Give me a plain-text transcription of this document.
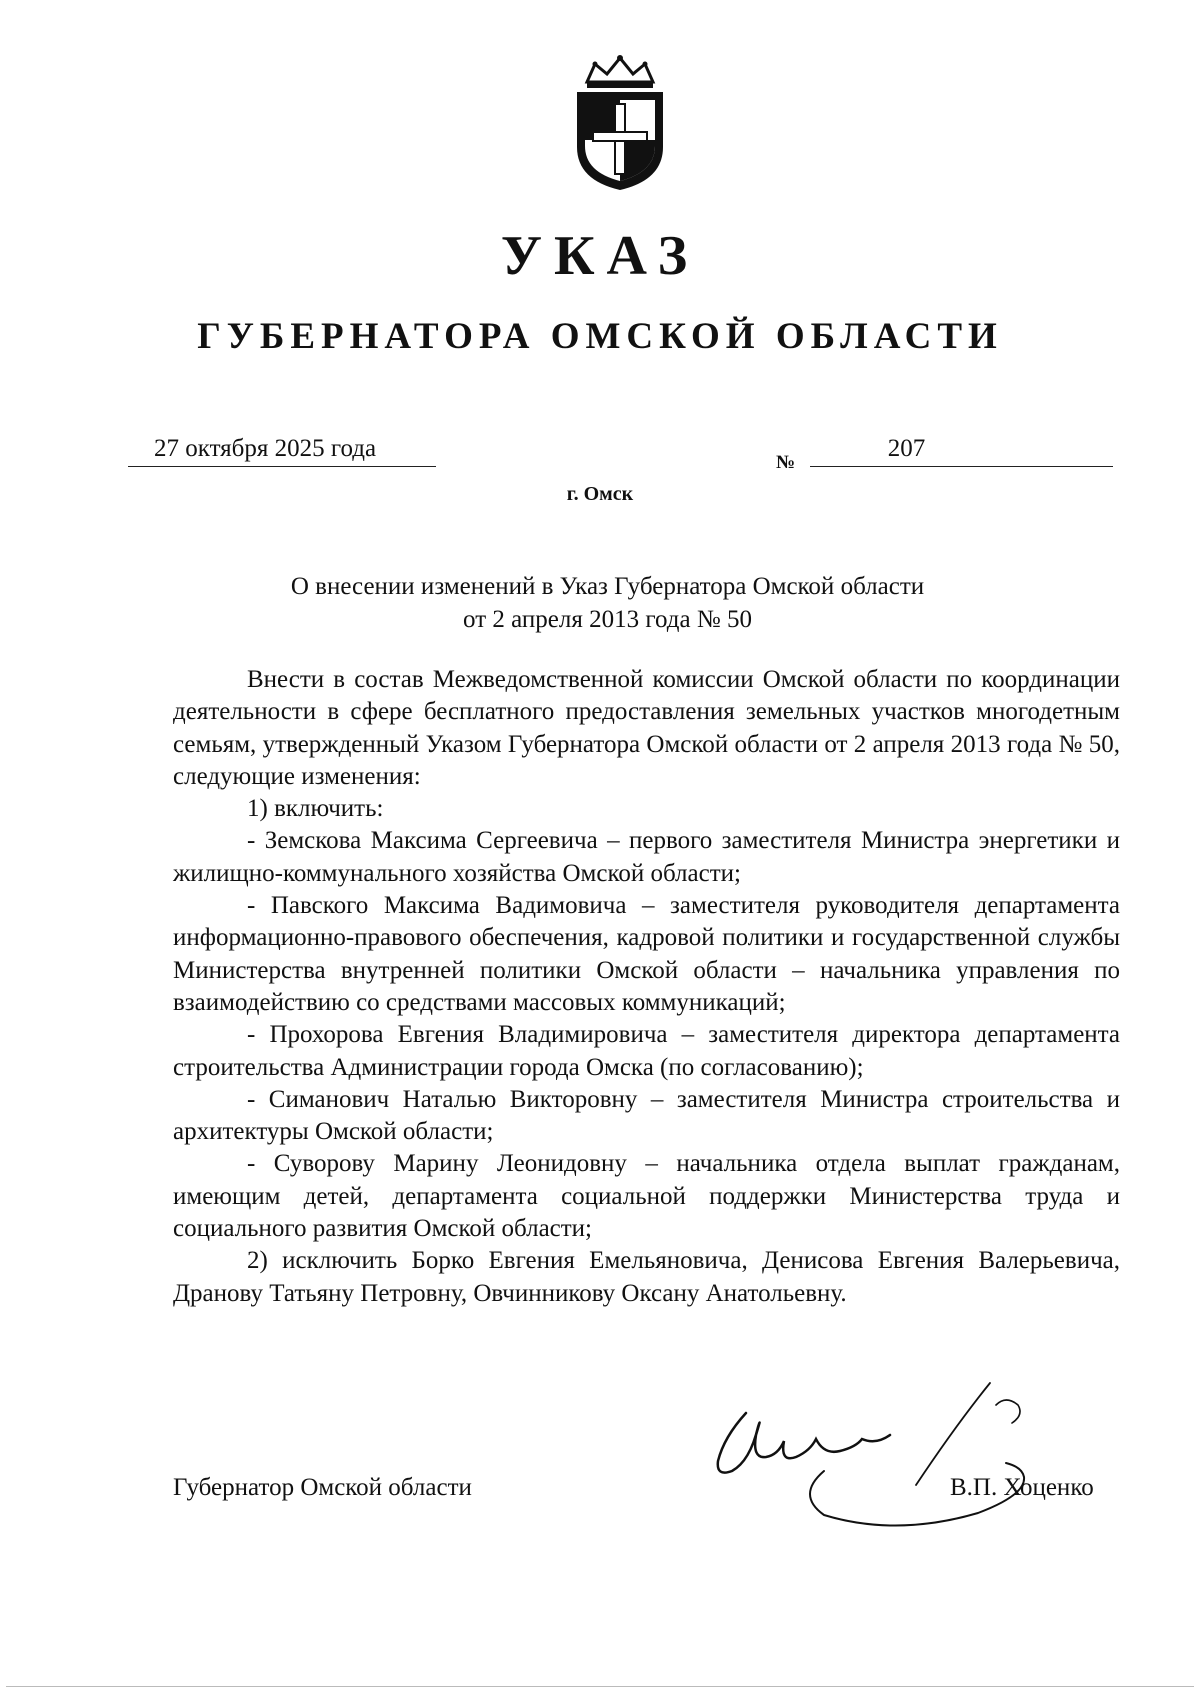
УКАЗ
ГУБЕРНАТОРА ОМСКОЙ ОБЛАСТИ
27 октября 2025 года
№
207
г. Омск
О внесении изменений в Указ Губернатора Омской области
от 2 апреля 2013 года № 50

Внести в состав Межведомственной комиссии Омской области по координации деятельности в сфере бесплатного предоставления земельных участков многодетным семьям, утвержденный Указом Губернатора Омской области от 2 апреля 2013 года № 50, следующие изменения:

1) включить:

- Земскова Максима Сергеевича – первого заместителя Министра энергетики и жилищно-коммунального хозяйства Омской области;

- Павского Максима Вадимовича – заместителя руководителя департамента информационно-правового обеспечения, кадровой политики и государственной службы Министерства внутренней политики Омской области – начальника управления по взаимодействию со средствами массовых коммуникаций;

- Прохорова Евгения Владимировича – заместителя директора департамента строительства Администрации города Омска (по согласованию);

- Симанович Наталью Викторовну – заместителя Министра строительства и архитектуры Омской области;

- Суворову Марину Леонидовну – начальника отдела выплат гражданам, имеющим детей, департамента социальной поддержки Министерства труда и социального развития Омской области;

2) исключить Борко Евгения Емельяновича, Денисова Евгения Валерьевича, Дранову Татьяну Петровну, Овчинникову Оксану Анатольевну.

Губернатор Омской области	В.П. Хоценко
